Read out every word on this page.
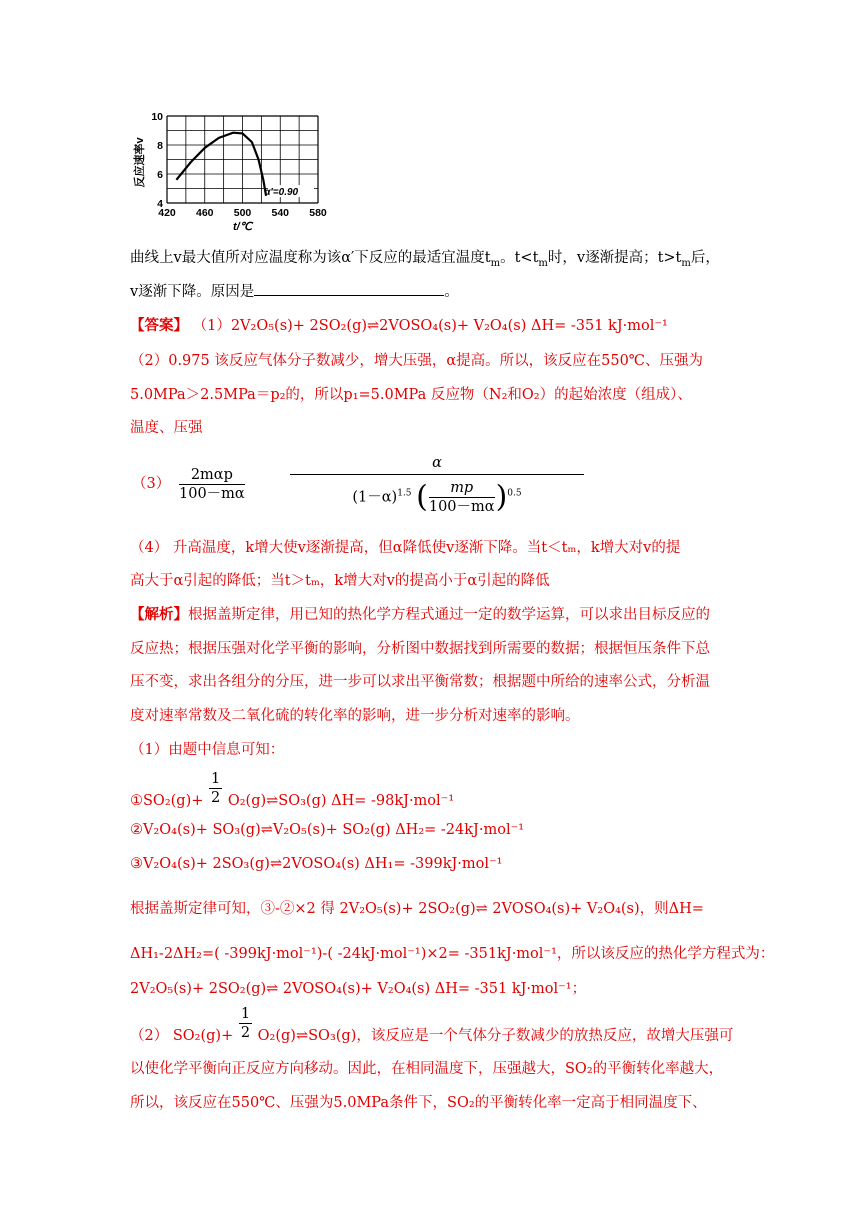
420 460 500 540 580
4
6
8
10
α′=0.90
t/℃
反应速率v
曲线上v最大值所对应温度称为该α′下反应的最适宜温度$t_m$。$t<t_m$时，v逐渐提高；$t>t_m$后，
v逐渐下降。原因是	。
【答案】 （1）2V₂O₅(s)+ 2SO₂(g)⇌2VOSO₄(s)+ V₂O₄(s) ΔH= -351 kJ·mol⁻¹
（2）0.975 该反应气体分子数减少，增大压强，α提高。所以，该反应在550℃、压强为
5.0MPa＞2.5MPa＝p₂的，所以p₁=5.0MPa 反应物（N₂和O₂）的起始浓度（组成）、
温度、压强
（3）
2mαp
100－mα
α
$(1-\alpha)^{1.5}$ ( $\frac{mp}{100-m\alpha} )^{0.5}$
（4） 升高温度，k增大使v逐渐提高，但α降低使v逐渐下降。当t＜tₘ，k增大对v的提
高大于α引起的降低；当t＞tₘ，k增大对v的提高小于α引起的降低
【解析】根据盖斯定律，用已知的热化学方程式通过一定的数学运算，可以求出目标反应的
反应热；根据压强对化学平衡的影响，分析图中数据找到所需要的数据；根据恒压条件下总
压不变，求出各组分的分压，进一步可以求出平衡常数；根据题中所给的速率公式，分析温
度对速率常数及二氧化硫的转化率的影响，进一步分析对速率的影响。
（1）由题中信息可知：
①SO₂(g)+ $\frac{1}{2}$ O₂(g)⇌SO₃(g) ΔH= -98kJ·mol⁻¹
②V₂O₄(s)+ SO₃(g)⇌V₂O₅(s)+ SO₂(g) ΔH₂= -24kJ·mol⁻¹
③V₂O₄(s)+ 2SO₃(g)⇌2VOSO₄(s) ΔH₁= -399kJ·mol⁻¹
根据盖斯定律可知，③-②×2 得 2V₂O₅(s)+ 2SO₂(g)⇌ 2VOSO₄(s)+ V₂O₄(s)，则ΔH=
ΔH₁-2ΔH₂=( -399kJ·mol⁻¹)-( -24kJ·mol⁻¹)×2= -351kJ·mol⁻¹，所以该反应的热化学方程式为：
2V₂O₅(s)+ 2SO₂(g)⇌ 2VOSO₄(s)+ V₂O₄(s) ΔH= -351 kJ·mol⁻¹；
（2） $SO_2(g)+ \frac{1}{2}$ O₂(g)⇌SO₃(g)，该反应是一个气体分子数减少的放热反应，故增大压强可
以使化学平衡向正反应方向移动。因此，在相同温度下，压强越大，SO₂的平衡转化率越大，
所以，该反应在550℃、压强为5.0MPa条件下，SO₂的平衡转化率一定高于相同温度下、
